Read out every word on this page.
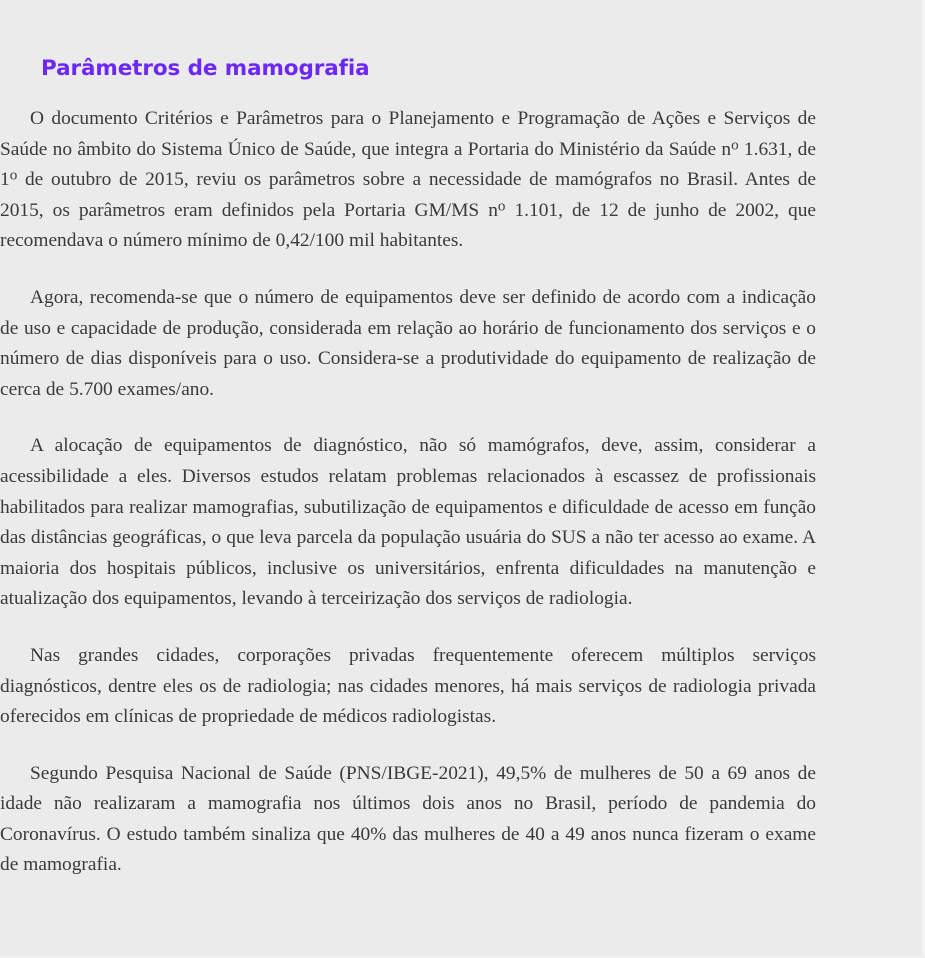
Parâmetros de mamografia

O documento Critérios e Parâmetros para o Planejamento e Programação de Ações e Serviços de Saúde no âmbito do Sistema Único de Saúde, que integra a Portaria do Ministério da Saúde $n^o$ 1.631, de 1$^o$ de outubro de 2015, reviu os parâmetros sobre a necessidade de mamógrafos no Brasil. Antes de 2015, os parâmetros eram definidos pela Portaria GM/MS $n^o$ 1.101, de 12 de junho de 2002, que recomendava o número mínimo de 0,42/100 mil habitantes.

Agora, recomenda-se que o número de equipamentos deve ser definido de acordo com a indicação de uso e capacidade de produção, considerada em relação ao horário de funcionamento dos serviços e o número de dias disponíveis para o uso. Considera-se a produtividade do equipamento de realização de cerca de 5.700 exames/ano.

A alocação de equipamentos de diagnóstico, não só mamógrafos, deve, assim, considerar a acessibilidade a eles. Diversos estudos relatam problemas relacionados à escassez de profissionais habilitados para realizar mamografias, subutilização de equipamentos e dificuldade de acesso em função das distâncias geográficas, o que leva parcela da população usuária do SUS a não ter acesso ao exame. A maioria dos hospitais públicos, inclusive os universitários, enfrenta dificuldades na manutenção e atualização dos equipamentos, levando à terceirização dos serviços de radiologia.

Nas grandes cidades, corporações privadas frequentemente oferecem múltiplos serviços diagnósticos, dentre eles os de radiologia; nas cidades menores, há mais serviços de radiologia privada oferecidos em clínicas de propriedade de médicos radiologistas.

Segundo Pesquisa Nacional de Saúde (PNS/IBGE-2021), 49,5% de mulheres de 50 a 69 anos de idade não realizaram a mamografia nos últimos dois anos no Brasil, período de pandemia do Coronavírus. O estudo também sinaliza que 40% das mulheres de 40 a 49 anos nunca fizeram o exame de mamografia.
